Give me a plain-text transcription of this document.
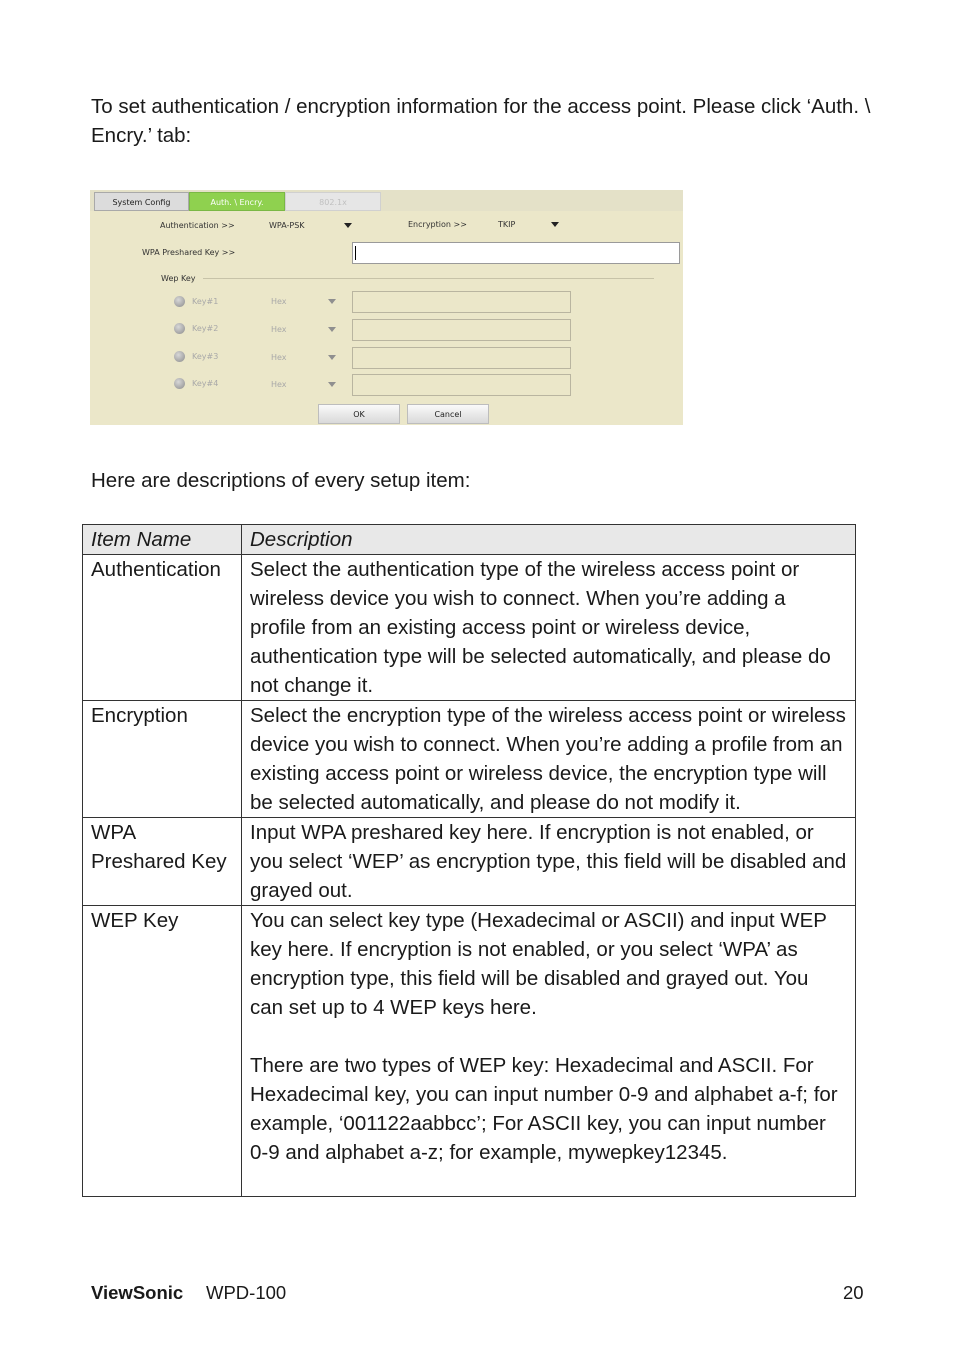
To set authentication / encryption information for the access point. Please click ‘Auth. \ Encry.’ tab:

System Config	Auth. \ Encry.	802.1x
Authentication >>	WPA-PSK	Encryption >>	TKIP
WPA Preshared Key >>
Wep Key
Key#1	Hex
Key#2	Hex
Key#3	Hex
Key#4	Hex
OK	Cancel

Here are descriptions of every setup item:

Item Name	Description
Authentication	Select the authentication type of the wireless access point or wireless device you wish to connect. When you’re adding a profile from an existing access point or wireless device, authentication type will be selected automatically, and please do not change it.
Encryption	Select the encryption type of the wireless access point or wireless device you wish to connect. When you’re adding a profile from an existing access point or wireless device, the encryption type will be selected automatically, and please do not modify it.
WPA Preshared Key	Input WPA preshared key here. If encryption is not enabled, or you select ‘WEP’ as encryption type, this field will be disabled and grayed out.
WEP Key	You can select key type (Hexadecimal or ASCII) and input WEP key here. If encryption is not enabled, or you select ‘WPA’ as encryption type, this field will be disabled and grayed out. You can set up to 4 WEP keys here.
There are two types of WEP key: Hexadecimal and ASCII. For Hexadecimal key, you can input number 0-9 and alphabet a-f; for example, ‘001122aabbcc’; For ASCII key, you can input number 0-9 and alphabet a-z; for example, mywepkey12345.
ViewSonic WPD-100	20
